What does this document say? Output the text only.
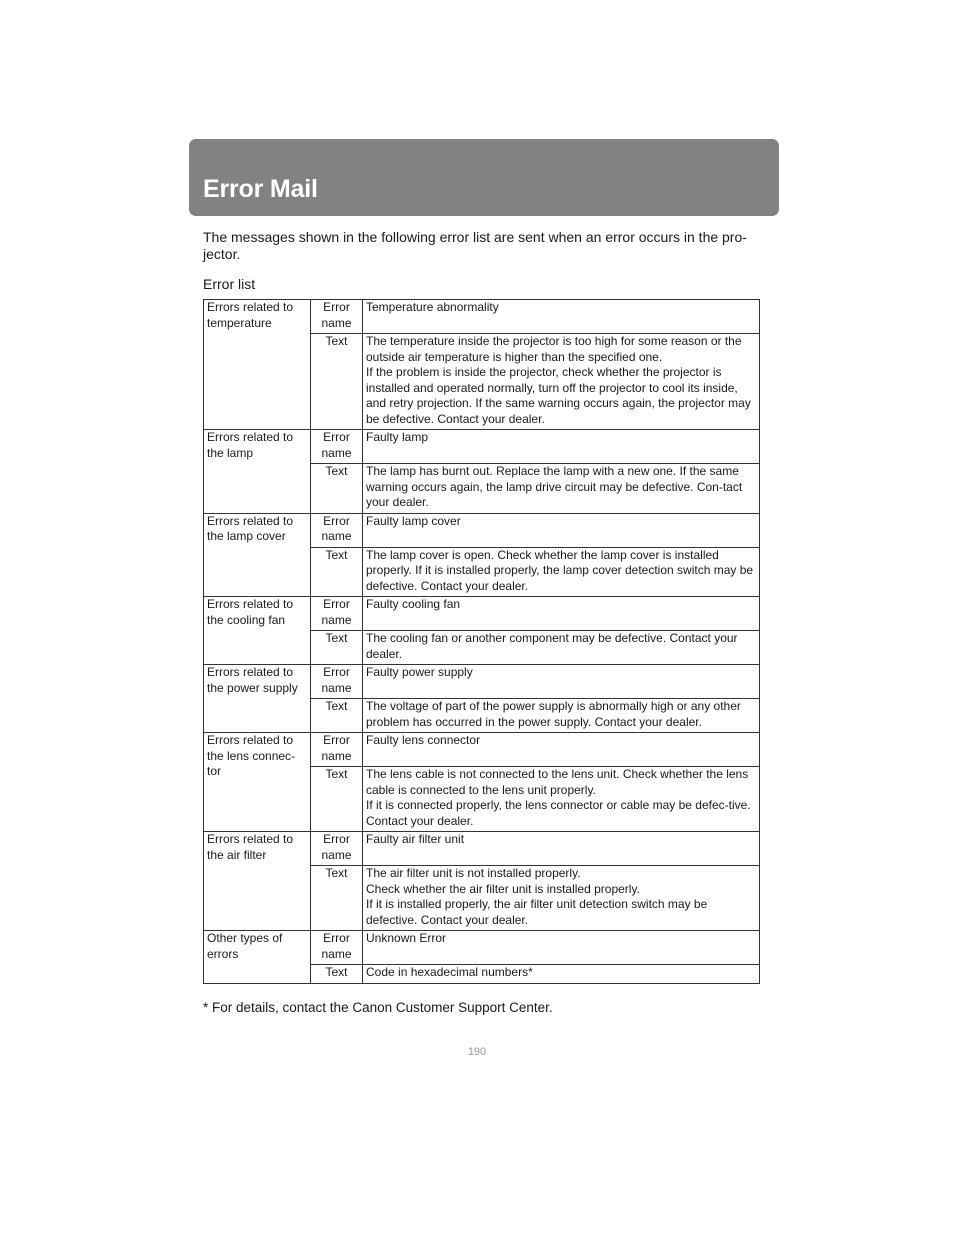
Error Mail

The messages shown in the following error list are sent when an error occurs in the pro-jector.

Error list
Errors related to temperature	Error name	Temperature abnormality
	Text	The temperature inside the projector is too high for some reason or the outside air temperature is higher than the specified one.
If the problem is inside the projector, check whether the projector is installed and operated normally, turn off the projector to cool its inside, and retry projection. If the same warning occurs again, the projector may be defective. Contact your dealer.

Errors related to the lamp	Error name	Faulty lamp
	Text	The lamp has burnt out. Replace the lamp with a new one. If the same warning occurs again, the lamp drive circuit may be defective. Con-tact your dealer.

Errors related to the lamp cover	Error name	Faulty lamp cover
	Text	The lamp cover is open. Check whether the lamp cover is installed properly. If it is installed properly, the lamp cover detection switch may be defective. Contact your dealer.

Errors related to the cooling fan	Error name	Faulty cooling fan
	Text	The cooling fan or another component may be defective. Contact your dealer.

Errors related to the power supply	Error name	Faulty power supply
	Text	The voltage of part of the power supply is abnormally high or any other problem has occurred in the power supply. Contact your dealer.

Errors related to the lens connec-tor	Error name	Faulty lens connector
	Text	The lens cable is not connected to the lens unit. Check whether the lens cable is connected to the lens unit properly.
If it is connected properly, the lens connector or cable may be defec-tive. Contact your dealer.

Errors related to the air filter	Error name	Faulty air filter unit
	Text	The air filter unit is not installed properly.
Check whether the air filter unit is installed properly.
If it is installed properly, the air filter unit detection switch may be defective. Contact your dealer.

Other types of errors	Error name	Unknown Error
	Text	Code in hexadecimal numbers*

* For details, contact the Canon Customer Support Center.

190
